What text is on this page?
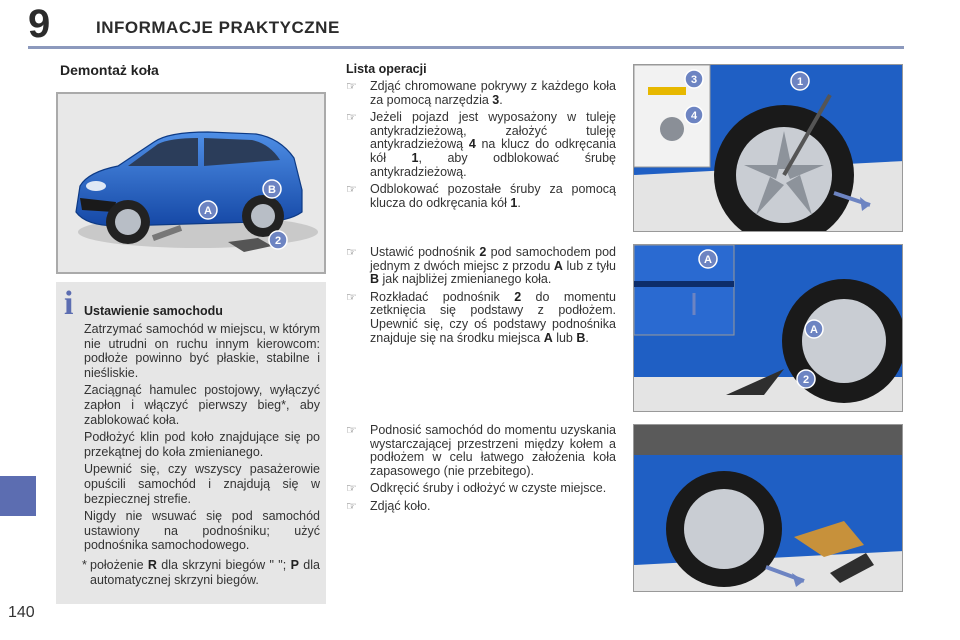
9	INFORMACJE PRAKTYCZNE
140
Demontaż koła
A
B
2
i Ustawienie samochodu

Zatrzymać samochód w miejscu, w którym nie utrudni on ruchu innym kierowcom: podłoże powinno być płaskie, stabilne i nieśliskie.

Zaciągnąć hamulec postojowy, wyłączyć zapłon i włączyć pierwszy bieg*, aby zablokować koła.

Podłożyć klin pod koło znajdujące się po przekątnej do koła zmienianego.

Upewnić się, czy wszyscy pasażerowie opuścili samochód i znajdują się w bezpiecznej strefie.

Nigdy nie wsuwać się pod samochód ustawiony na podnośniku; użyć podnośnika samochodowego.

* położenie R dla skrzyni biegów " "; P dla automatycznej skrzyni biegów.
Lista operacji
☞ Zdjąć chromowane pokrywy z każdego koła za pomocą narzędzia 3.
☞ Jeżeli pojazd jest wyposażony w tuleję antykradzieżową, założyć tuleję antykradzieżową 4 na klucz do odkręcania kół 1, aby odblokować śrubę antykradzieżową.
☞ Odblokować pozostałe śruby za pomocą klucza do odkręcania kół 1.
☞ Ustawić podnośnik 2 pod samochodem pod jednym z dwóch miejsc z przodu A lub z tyłu B jak najbliżej zmienianego koła.
☞ Rozkładać podnośnik 2 do momentu zetknięcia się podstawy z podłożem. Upewnić się, czy oś podstawy podnośnika znajduje się na środku miejsca A lub B.
☞ Podnosić samochód do momentu uzyskania wystarczającej przestrzeni między kołem a podłożem w celu łatwego założenia koła zapasowego (nie przebitego).
☞ Odkręcić śruby i odłożyć w czyste miejsce.
☞ Zdjąć koło.
3
4
1
A
A
2
